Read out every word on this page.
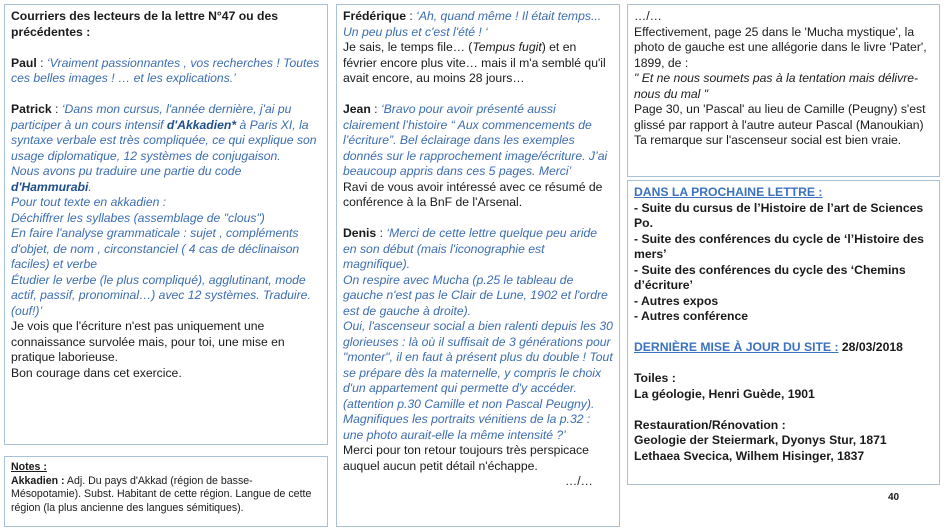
Courriers des lecteurs de la lettre N°47 ou des précédentes :

Paul : ‘Vraiment passionnantes , vos recherches ! Toutes ces belles images ! … et les explications.’

Patrick : ‘Dans mon cursus, l'année dernière, j'ai pu participer à un cours intensif d'Akkadien* à Paris XI, la syntaxe verbale est très compliquée, ce qui explique son usage diplomatique, 12 systèmes de conjugaison.

Nous avons pu traduire une partie du code d'Hammurabi.

Pour tout texte en akkadien :

Déchiffrer les syllabes (assemblage de "clous")

En faire l'analyse grammaticale : sujet , compléments d'objet, de nom , circonstanciel ( 4 cas de déclinaison faciles) et verbe

Étudier le verbe (le plus compliqué), agglutinant, mode actif, passif, pronominal…) avec 12 systèmes. Traduire. (ouf!)’

Je vois que l'écriture n'est pas uniquement une connaissance survolée mais, pour toi, une mise en pratique laborieuse.

Bon courage dans cet exercice.

Notes :

Akkadien : Adj. Du pays d'Akkad (région de basse-Mésopotamie). Subst. Habitant de cette région. Langue de cette région (la plus ancienne des langues sémitiques).

Frédérique : ‘Ah, quand même ! Il était temps... Un peu plus et c'est l'été ! ‘

Je sais, le temps file… (Tempus fugit) et en février encore plus vite… mais il m'a semblé qu'il avait encore, au moins 28 jours…

Jean : ‘Bravo pour avoir présenté aussi clairement l’histoire “ Aux commencements de l’écriture”. Bel éclairage dans les exemples donnés sur le rapprochement image/écriture. J’ai beaucoup appris dans ces 5 pages. Merci’

Ravi de vous avoir intéressé avec ce résumé de conférence à la BnF de l'Arsenal.

Denis : ‘Merci de cette lettre quelque peu aride en son début (mais l'iconographie est magnifique).

On respire avec Mucha (p.25 le tableau de gauche n'est pas le Clair de Lune, 1902 et l'ordre est de gauche à droite).

Oui, l'ascenseur social a bien ralenti depuis les 30 glorieuses : là où il suffisait de 3 générations pour "monter", il en faut à présent plus du double ! Tout se prépare dès la maternelle, y compris le choix d'un appartement qui permette d'y accéder. (attention p.30 Camille et non Pascal Peugny).

Magnifiques les portraits vénitiens de la p.32 : une photo aurait-elle la même intensité ?’

Merci pour ton retour toujours très perspicace auquel aucun petit détail n'échappe.

…/…

…/…

Effectivement, page 25 dans le 'Mucha mystique', la photo de gauche est une allégorie dans le livre 'Pater', 1899, de :

" Et ne nous soumets pas à la tentation mais délivre-nous du mal "

Page 30, un 'Pascal' au lieu de Camille (Peugny) s'est glissé par rapport à l'autre auteur Pascal (Manoukian)

Ta remarque sur l'ascenseur social est bien vraie.

DANS LA PROCHAINE LETTRE :

- Suite du cursus de l’Histoire de l’art de Sciences Po.

- Suite des conférences du cycle de ‘l’Histoire des mers’

- Suite des conférences du cycle des ‘Chemins d’écriture’

- Autres expos

- Autres conférence

DERNIÈRE MISE À JOUR DU SITE : 28/03/2018

Toiles :

La géologie, Henri Guède, 1901

Restauration/Rénovation :

Geologie der Steiermark, Dyonys Stur, 1871

Lethaea Svecica, Wilhem Hisinger, 1837

40
